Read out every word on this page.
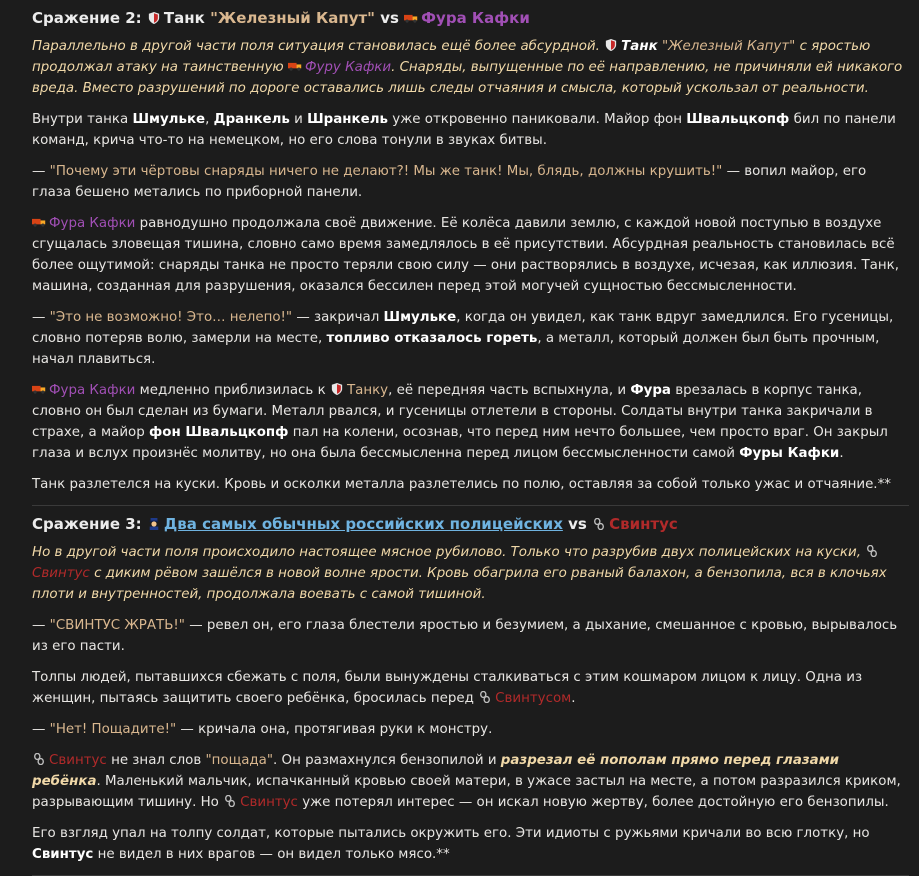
Сражение 2: Танк "Железный Капут" vs Фура Кафки

Параллельно в другой части поля ситуация становилась ещё более абсурдной. Танк "Железный Капут" с яростью продолжал атаку на таинственную Фуру Кафки. Снаряды, выпущенные по её направлению, не причиняли ей никакого вреда. Вместо разрушений по дороге оставались лишь следы отчаяния и смысла, который ускользал от реальности.

Внутри танка Шмульке, Дранкель и Шранкель уже откровенно паниковали. Майор фон Швальцкопф бил по панели команд, крича что-то на немецком, но его слова тонули в звуках битвы.

— "Почему эти чёртовы снаряды ничего не делают?! Мы же танк! Мы, блядь, должны крушить!" — вопил майор, его глаза бешено метались по приборной панели.

Фура Кафки равнодушно продолжала своё движение. Её колёса давили землю, с каждой новой поступью в воздухе сгущалась зловещая тишина, словно само время замедлялось в её присутствии. Абсурдная реальность становилась всё более ощутимой: снаряды танка не просто теряли свою силу — они растворялись в воздухе, исчезая, как иллюзия. Танк, машина, созданная для разрушения, оказался бессилен перед этой могучей сущностью бессмысленности.

— "Это не возможно! Это… нелепо!" — закричал Шмульке, когда он увидел, как танк вдруг замедлился. Его гусеницы, словно потеряв волю, замерли на месте, топливо отказалось гореть, а металл, который должен был быть прочным, начал плавиться.

Фура Кафки медленно приблизилась к Танку, её передняя часть вспыхнула, и Фура врезалась в корпус танка, словно он был сделан из бумаги. Металл рвался, и гусеницы отлетели в стороны. Солдаты внутри танка закричали в страхе, а майор фон Швальцкопф пал на колени, осознав, что перед ним нечто большее, чем просто враг. Он закрыл глаза и вслух произнёс молитву, но она была бессмысленна перед лицом бессмысленности самой Фуры Кафки.

Танк разлетелся на куски. Кровь и осколки металла разлетелись по полю, оставляя за собой только ужас и отчаяние.**

Сражение 3: Два самых обычных российских полицейских vs Свинтус

Но в другой части поля происходило настоящее мясное рубилово. Только что разрубив двух полицейских на куски, Свинтус с диким рёвом зашёлся в новой волне ярости. Кровь обагрила его рваный балахон, а бензопила, вся в клочьях плоти и внутренностей, продолжала воевать с самой тишиной.

— "СВИНТУС ЖРАТЬ!" — ревел он, его глаза блестели яростью и безумием, а дыхание, смешанное с кровью, вырывалось из его пасти.

Толпы людей, пытавшихся сбежать с поля, были вынуждены сталкиваться с этим кошмаром лицом к лицу. Одна из женщин, пытаясь защитить своего ребёнка, бросилась перед Свинтусом.

— "Нет! Пощадите!" — кричала она, протягивая руки к монстру.

Свинтус не знал слов "пощада". Он размахнулся бензопилой и разрезал её пополам прямо перед глазами ребёнка. Маленький мальчик, испачканный кровью своей матери, в ужасе застыл на месте, а потом разразился криком, разрывающим тишину. Но Свинтус уже потерял интерес — он искал новую жертву, более достойную его бензопилы.

Его взгляд упал на толпу солдат, которые пытались окружить его. Эти идиоты с ружьями кричали во всю глотку, но Свинтус не видел в них врагов — он видел только мясо.**
